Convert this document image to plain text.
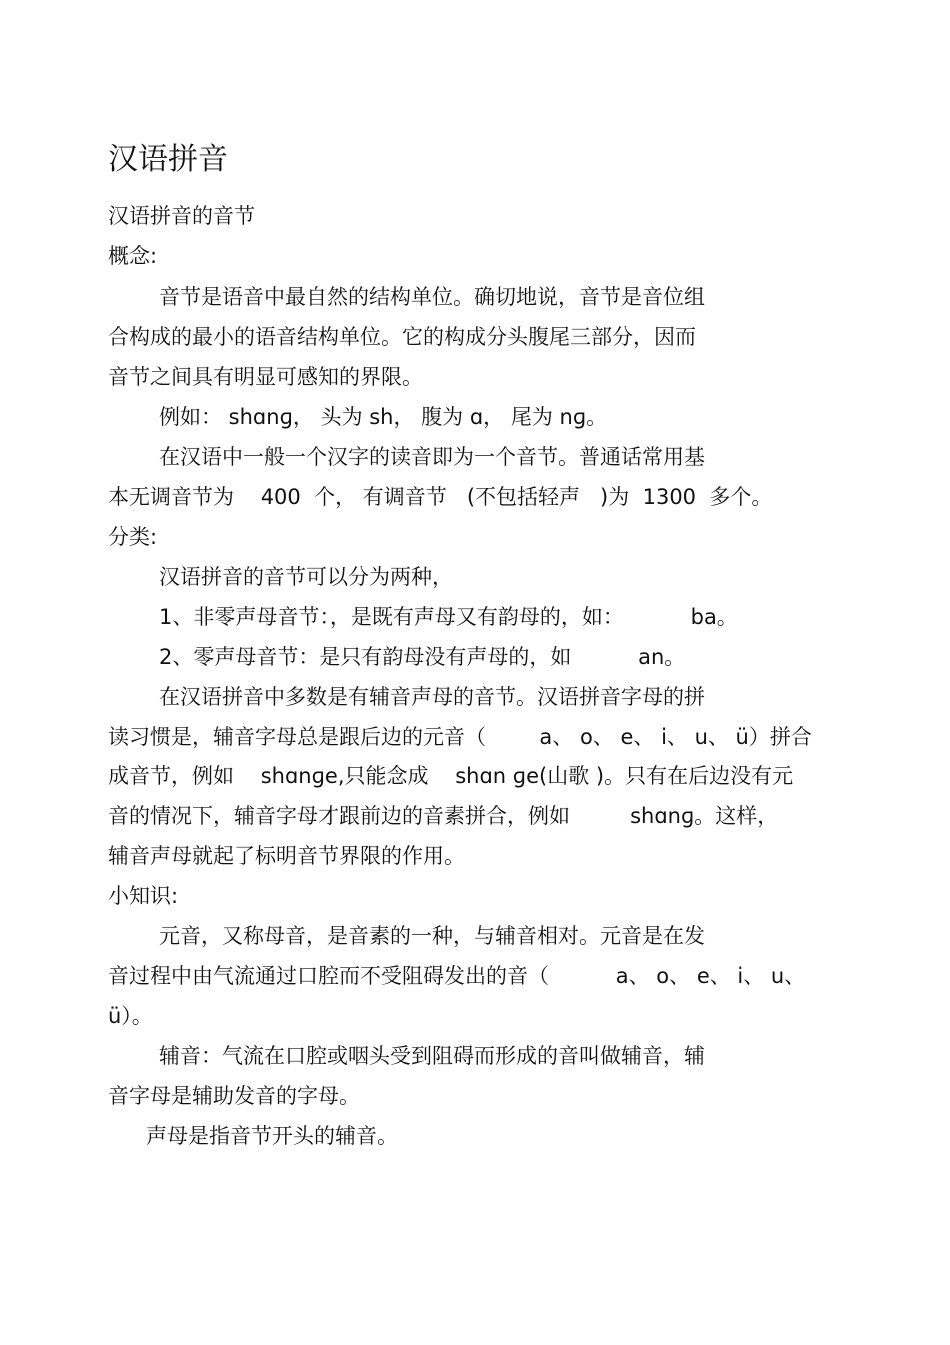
汉语拼音
汉语拼音的音节
概念:
音节是语音中最自然的结构单位。确切地说，音节是音位组
合构成的最小的语音结构单位。它的构成分头腹尾三部分，因而
音节之间具有明显可感知的界限。
例如： shɑnɡ， 头为 sh， 腹为 ɑ， 尾为 nɡ。
在汉语中一般一个汉字的读音即为一个音节。普通话常用基
本无调音节为    400  个， 有调音节   (不包括轻声   )为  1300  多个。
分类:
汉语拼音的音节可以分为两种，
1、非零声母音节：，是既有声母又有韵母的，如：          ba。
2、零声母音节：是只有韵母没有声母的，如          an。
在汉语拼音中多数是有辅音声母的音节。汉语拼音字母的拼
读习惯是，辅音字母总是跟后边的元音（        a、 o、 e、 i、 u、 ü）拼合
成音节，例如    shɑnɡe,只能念成    shɑn ɡe(山歌 )。只有在后边没有元
音的情况下，辅音字母才跟前边的音素拼合，例如         shɑnɡ。这样，
辅音声母就起了标明音节界限的作用。
小知识:
元音，又称母音，是音素的一种，与辅音相对。元音是在发
音过程中由气流通过口腔而不受阻碍发出的音（          a、 o、 e、 i、 u、
ü）。
辅音：气流在口腔或咽头受到阻碍而形成的音叫做辅音，辅
音字母是辅助发音的字母。
声母是指音节开头的辅音。
